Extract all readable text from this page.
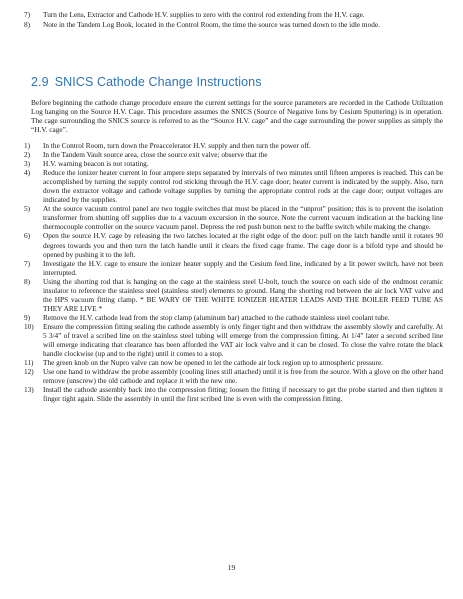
7) Turn the Lens, Extractor and Cathode H.V. supplies to zero with the control rod extending from the H.V. cage.
8) Note in the Tandem Log Book, located in the Control Room, the time the source was turned down to the idle mode.
2.9 SNICS Cathode Change Instructions
Before beginning the cathode change procedure ensure the current settings for the source parameters are recorded in the Cathode Utilization Log hanging on the Source H.V. Cage. This procedure assumes the SNICS (Source of Negative Ions by Cesium Sputtering) is in operation. The cage surrounding the SNICS source is referred to as the “Source H.V. cage” and the cage surrounding the power supplies as simply the “H.V. cage”.
1) In the Control Room, turn down the Preaccelerator H.V. supply and then turn the power off.
2) In the Tandem Vault source area, close the source exit valve; observe that the
3) H.V. warning beacon is not rotating.
4) Reduce the ionizer heater current in four ampere steps separated by intervals of two minutes until fifteen amperes is reached. This can be accomplished by turning the supply control rod sticking through the H.V. cage door; heater current is indicated by the supply. Also, turn down the extractor voltage and cathode voltage supplies by turning the appropriate control rods at the cage door; output voltages are indicated by the supplies.
5) At the source vacuum control panel are two toggle switches that must be placed in the “unprot” position; this is to prevent the isolation transformer from shutting off supplies due to a vacuum excursion in the source. Note the current vacuum indication at the backing line thermocouple controller on the source vacuum panel. Depress the red push button next to the baffle switch while making the change.
6) Open the source H.V. cage by releasing the two latches located at the right edge of the door: pull on the latch handle until it rotates 90 degrees towards you and then turn the latch handle until it clears the fixed cage frame. The cage door is a bifold type and should be opened by pushing it to the left.
7) Investigate the H.V. cage to ensure the ionizer heater supply and the Cesium feed line, indicated by a lit power switch, have not been interrupted.
8) Using the shorting rod that is hanging on the cage at the stainless steel U-bolt, touch the source on each side of the endmost ceramic insulator to reference the stainless steel (stainless steel) elements to ground. Hang the shorting rod between the air lock VAT valve and the HPS vacuum fitting clamp. * BE WARY OF THE WHITE IONIZER HEATER LEADS AND THE BOILER FEED TUBE AS THEY ARE LIVE *
9) Remove the H.V. cathode lead from the stop clamp (aluminum bar) attached to the cathode stainless steel coolant tube.
10) Ensure the compression fitting sealing the cathode assembly is only finger tight and then withdraw the assembly slowly and carefully. At 5 3/4” of travel a scribed line on the stainless steel tubing will emerge from the compression fitting. At 1/4” later a second scribed line will emerge indicating that clearance has been afforded the VAT air lock valve and it can be closed. To close the valve rotate the black handle clockwise (up and to the right) until it comes to a stop.
11) The green knob on the Nupro valve can now be opened to let the cathode air lock region up to atmospheric pressure.
12) Use one hand to withdraw the probe assembly (cooling lines still attached) until it is free from the source. With a glove on the other hand remove (unscrew) the old cathode and replace it with the new one.
13) Install the cathode assembly back into the compression fitting; loosen the fitting if necessary to get the probe started and then tighten it finger tight again. Slide the assembly in until the first scribed line is even with the compression fitting.
19
